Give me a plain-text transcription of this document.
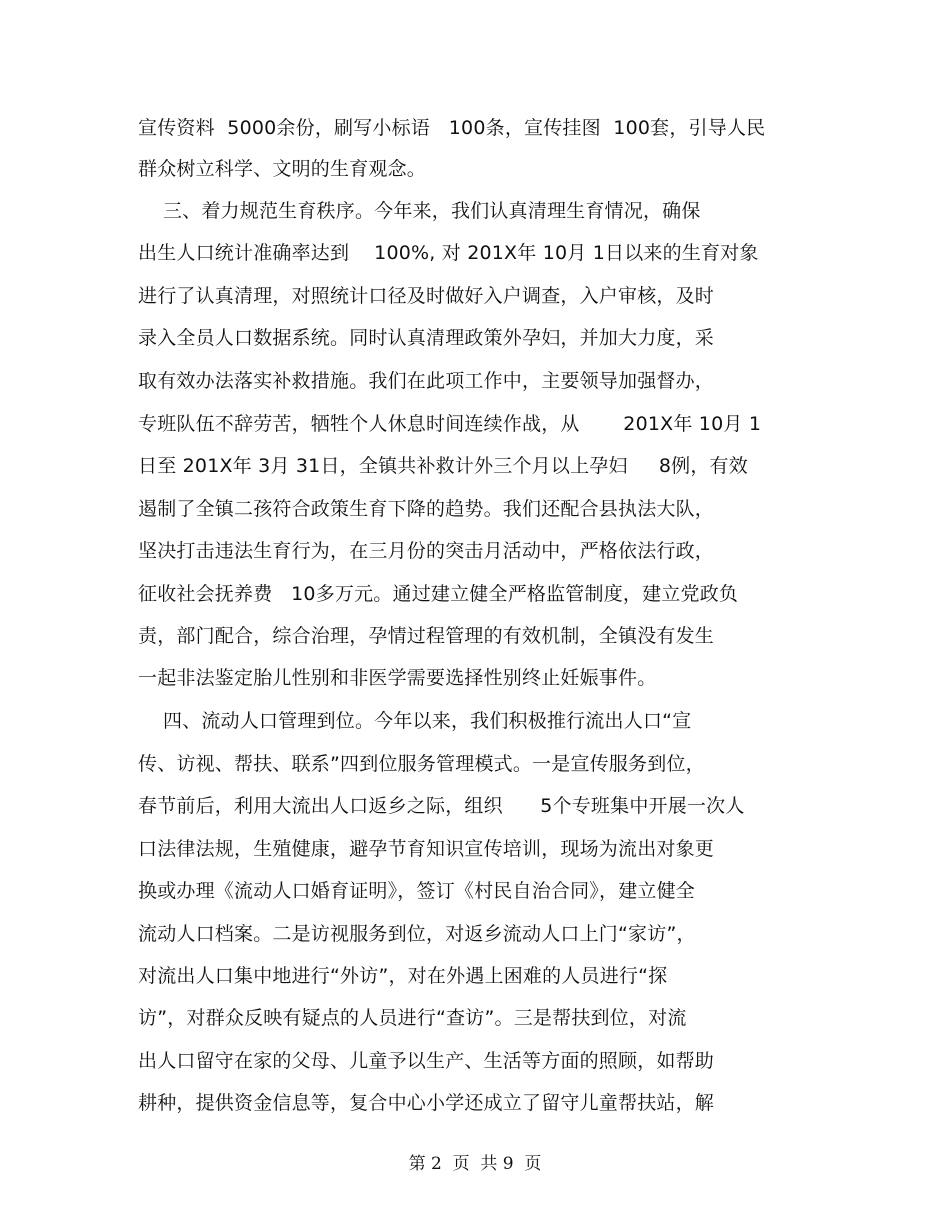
宣传资料  5000余份，刷写小标语   100条，宣传挂图  100套，引导人民
群众树立科学、文明的生育观念。
三、着力规范生育秩序。今年来，我们认真清理生育情况，确保
出生人口统计准确率达到    100%, 对 201X年 10月 1日以来的生育对象
进行了认真清理，对照统计口径及时做好入户调查，入户审核，及时
录入全员人口数据系统。同时认真清理政策外孕妇，并加大力度，采
取有效办法落实补救措施。我们在此项工作中，主要领导加强督办，
专班队伍不辞劳苦，牺牲个人休息时间连续作战，从       201X年 10月 1
日至 201X年 3月 31日，全镇共补救计外三个月以上孕妇     8例，有效
遏制了全镇二孩符合政策生育下降的趋势。我们还配合县执法大队，
坚决打击违法生育行为，在三月份的突击月活动中，严格依法行政，
征收社会抚养费   10多万元。通过建立健全严格监管制度，建立党政负
责，部门配合，综合治理，孕情过程管理的有效机制，全镇没有发生
一起非法鉴定胎儿性别和非医学需要选择性别终止妊娠事件。
四、流动人口管理到位。今年以来，我们积极推行流出人口“宣
传、访视、帮扶、联系”四到位服务管理模式。一是宣传服务到位，
春节前后，利用大流出人口返乡之际，组织      5个专班集中开展一次人
口法律法规，生殖健康，避孕节育知识宣传培训，现场为流出对象更
换或办理《流动人口婚育证明》，签订《村民自治合同》，建立健全
流动人口档案。二是访视服务到位，对返乡流动人口上门“家访”，
对流出人口集中地进行“外访”，对在外遇上困难的人员进行“探
访”，对群众反映有疑点的人员进行“查访”。三是帮扶到位，对流
出人口留守在家的父母、儿童予以生产、生活等方面的照顾，如帮助
耕种，提供资金信息等，复合中心小学还成立了留守儿童帮扶站，解
第 2  页  共 9  页
